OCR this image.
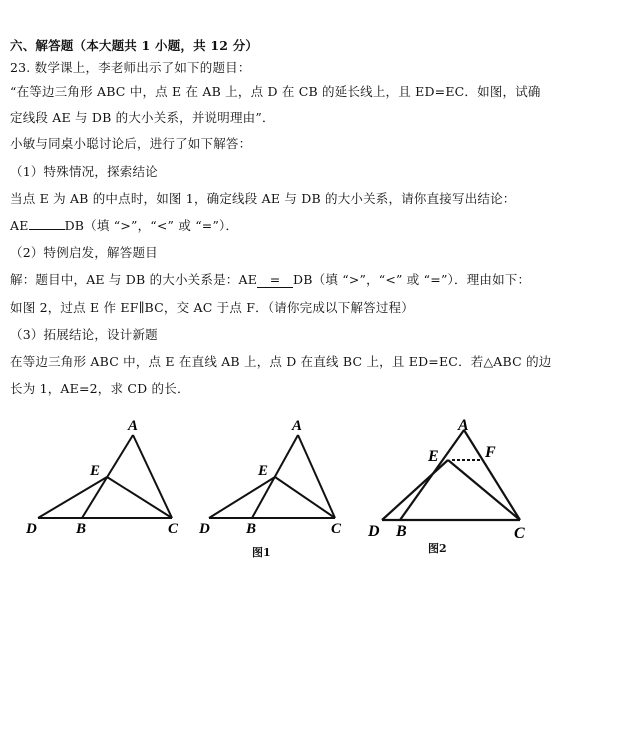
六、解答题（本大题共 1 小题，共 12 分）
23. 数学课上，李老师出示了如下的题目：
“在等边三角形 ABC 中，点 E 在 AB 上，点 D 在 CB 的延长线上，且 ED=EC．如图，试确
定线段 AE 与 DB 的大小关系，并说明理由”．
小敏与同桌小聪讨论后，进行了如下解答：
（1）特殊情况，探索结论
当点 E 为 AB 的中点时，如图 1，确定线段 AE 与 DB 的大小关系，请你直接写出结论：
AE	DB（填 “>”，“<” 或 “=”）．
（2）特例启发，解答题目
解：题目中，AE 与 DB 的大小关系是：AE = DB（填 “>”，“<” 或 “=”）．理由如下：
如图 2，过点 E 作 EF∥BC，交 AC 于点 F．（请你完成以下解答过程）
（3）拓展结论，设计新题
在等边三角形 ABC 中，点 E 在直线 AB 上，点 D 在直线 BC 上，且 ED=EC．若△ABC 的边
长为 1，AE=2，求 CD 的长．
A
E
D	B	C
A
E
D B	C
A
E	F
D B	C
图1	图2
